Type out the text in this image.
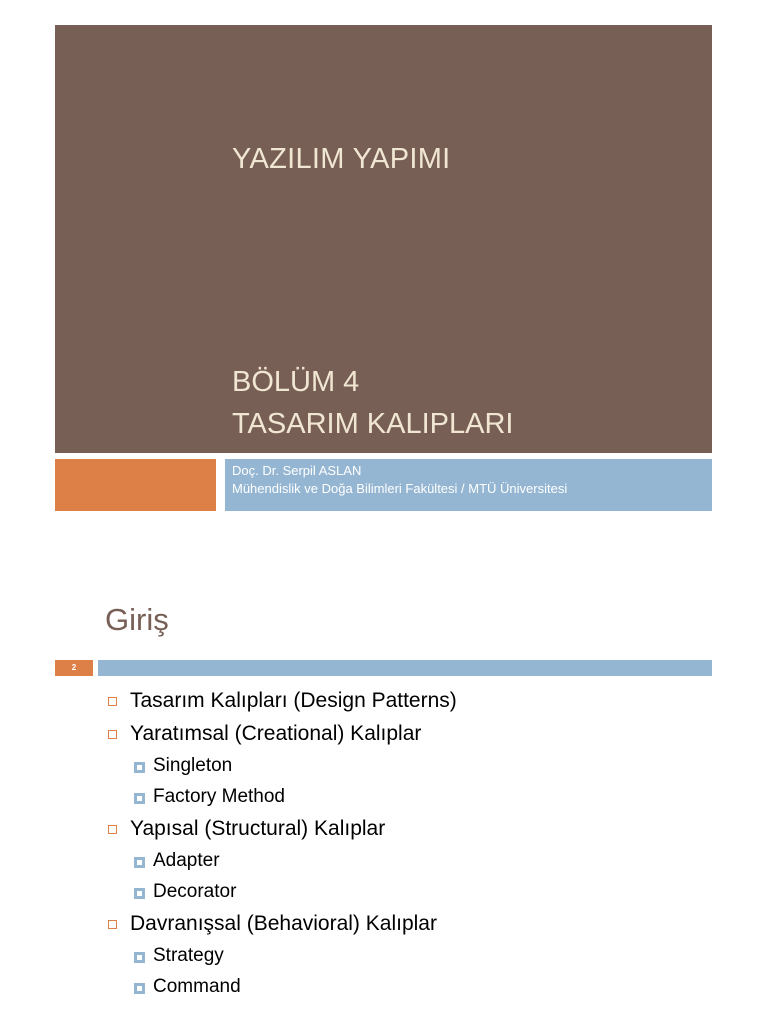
YAZILIM YAPIMI
BÖLÜM 4
TASARIM KALIPLARI
Doç. Dr. Serpil ASLAN
Mühendislik ve Doğa Bilimleri Fakültesi / MTÜ Üniversitesi
Giriş
2
Tasarım Kalıpları (Design Patterns)
Yaratımsal (Creational) Kalıplar
Singleton
Factory Method
Yapısal (Structural) Kalıplar
Adapter
Decorator
Davranışsal (Behavioral) Kalıplar
Strategy
Command
